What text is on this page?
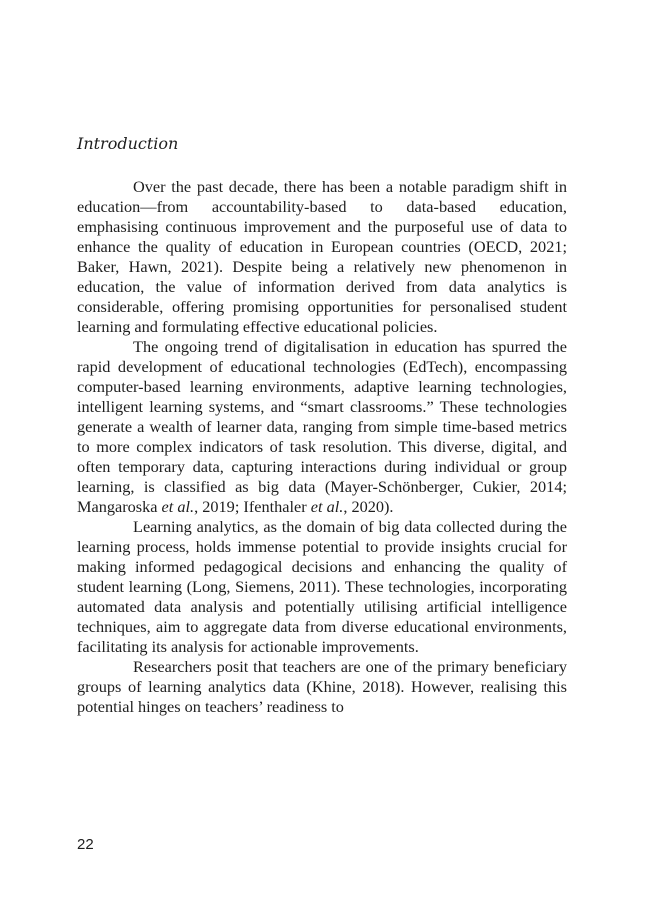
Introduction

Over the past decade, there has been a notable paradigm shift in education—from accountability-based to data-based education, emphasising continuous improvement and the purposeful use of data to enhance the quality of education in European countries (OECD, 2021; Baker, Hawn, 2021). Despite being a relatively new phenomenon in education, the value of information derived from data analytics is considerable, offering promising opportunities for personalised student learning and formulating effective educational policies.

The ongoing trend of digitalisation in education has spurred the rapid development of educational technologies (EdTech), encompassing computer-based learning environments, adaptive learning technologies, intelligent learning systems, and “smart classrooms.” These technologies generate a wealth of learner data, ranging from simple time-based metrics to more complex indicators of task resolution. This diverse, digital, and often temporary data, capturing interactions during individual or group learning, is classified as big data (Mayer-Schönberger, Cukier, 2014; Mangaroska et al., 2019; Ifenthaler et al., 2020).

Learning analytics, as the domain of big data collected during the learning process, holds immense potential to provide insights crucial for making informed pedagogical decisions and enhancing the quality of student learning (Long, Siemens, 2011). These technologies, incorporating automated data analysis and potentially utilising artificial intelligence techniques, aim to aggregate data from diverse educational environments, facilitating its analysis for actionable improvements.

Researchers posit that teachers are one of the primary beneficiary groups of learning analytics data (Khine, 2018). However, realising this potential hinges on teachers’ readiness to

22
